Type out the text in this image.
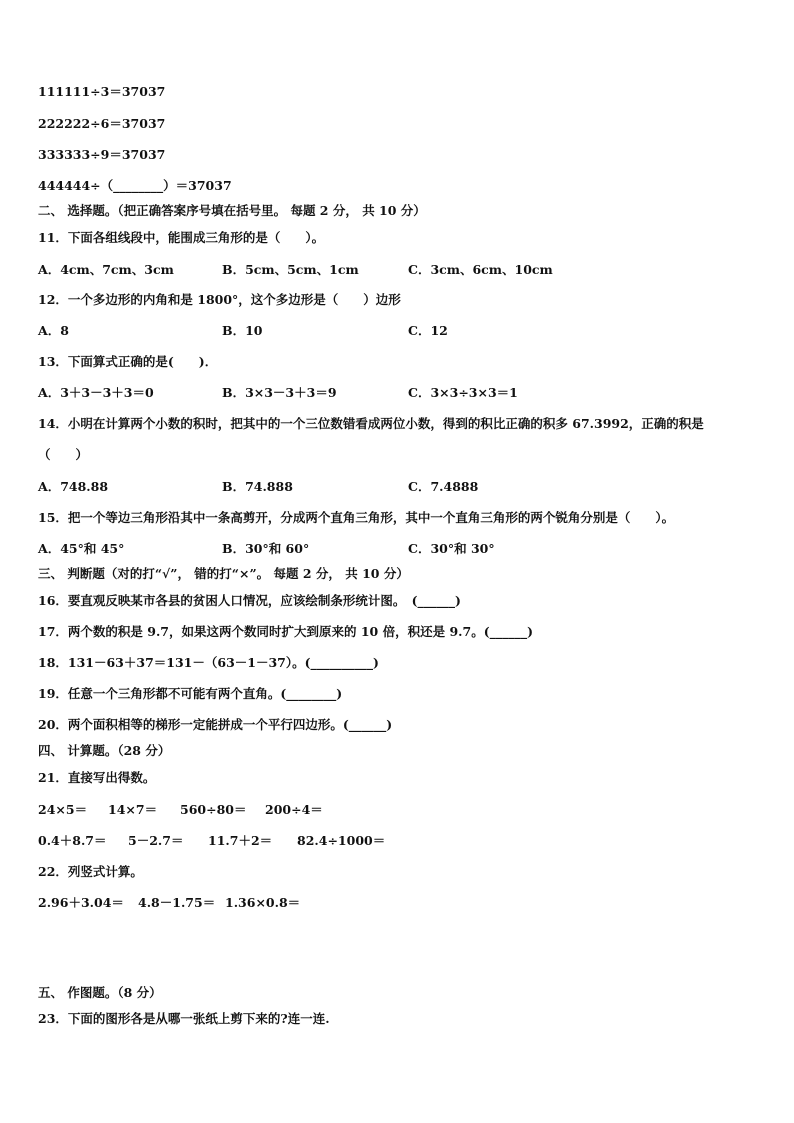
111111÷3＝37037
222222÷6＝37037
333333÷9＝37037
444444÷（________）＝37037
二、 选择题。（把正确答案序号填在括号里。 每题 2 分， 共 10 分）
11．下面各组线段中，能围成三角形的是（　　）。
A．4cm、7cm、3cm	B．5cm、5cm、1cm	C．3cm、6cm、10cm
12．一个多边形的内角和是 1800°，这个多边形是（　　）边形
A．8	B．10	C．12
13．下面算式正确的是(　　)．
A．3＋3－3＋3＝0	B．3×3－3＋3＝9	C．3×3÷3×3＝1
14．小明在计算两个小数的积时，把其中的一个三位数错看成两位小数，得到的积比正确的积多 67.3992，正确的积是
（　　）
A．748.88	B．74.888	C．7.4888
15．把一个等边三角形沿其中一条高剪开，分成两个直角三角形，其中一个直角三角形的两个锐角分别是（　　）。
A．45°和 45°	B．30°和 60°	C．30°和 30°
三、 判断题（对的打“√”， 错的打“×”。 每题 2 分， 共 10 分）
16．要直观反映某市各县的贫困人口情况，应该绘制条形统计图。　(______)
17．两个数的积是 9.7，如果这两个数同时扩大到原来的 10 倍，积还是 9.7。(______)
18．131－63＋37＝131－（63－1－37）。(__________)
19．任意一个三角形都不可能有两个直角。(________)
20．两个面积相等的梯形一定能拼成一个平行四边形。(______)
四、 计算题。（28 分）
21．直接写出得数。
24×5＝ 14×7＝ 560÷80＝ 200÷4＝
0.4＋8.7＝ 5－2.7＝ 11.7＋2＝ 82.4÷1000＝
22．列竖式计算。
2.96＋3.04＝ 4.8－1.75＝ 1.36×0.8＝
五、 作图题。（8 分）
23．下面的图形各是从哪一张纸上剪下来的?连一连.
